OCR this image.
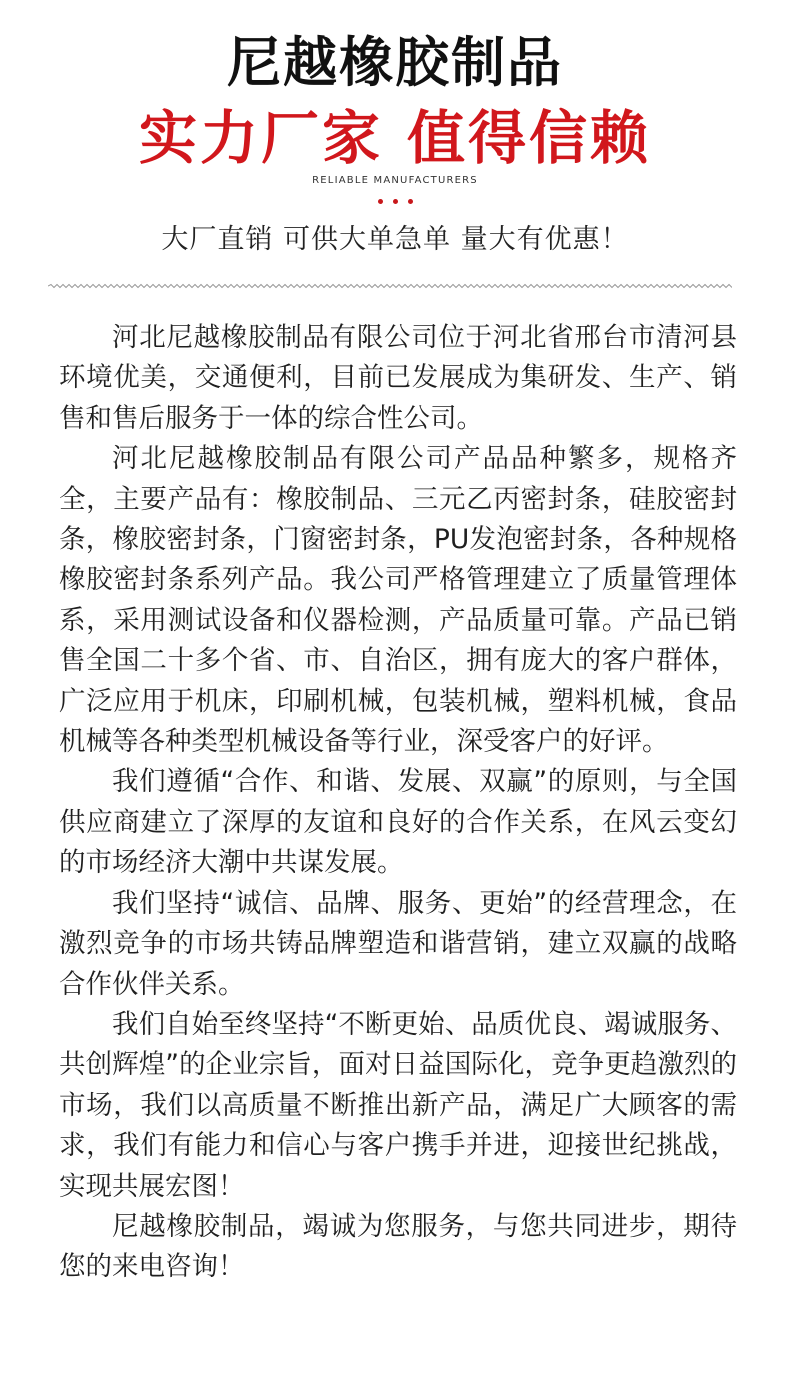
尼越橡胶制品
实力厂家 值得信赖
RELIABLE MANUFACTURERS
大厂直销 可供大单急单 量大有优惠！

河北尼越橡胶制品有限公司位于河北省邢台市清河县环境优美，交通便利，目前已发展成为集研发、生产、销售和售后服务于一体的综合性公司。

河北尼越橡胶制品有限公司产品品种繁多，规格齐全，主要产品有：橡胶制品、三元乙丙密封条，硅胶密封条，橡胶密封条，门窗密封条，PU发泡密封条，各种规格橡胶密封条系列产品。我公司严格管理建立了质量管理体系，采用测试设备和仪器检测，产品质量可靠。产品已销售全国二十多个省、市、自治区，拥有庞大的客户群体，广泛应用于机床，印刷机械，包装机械，塑料机械，食品机械等各种类型机械设备等行业，深受客户的好评。

我们遵循“合作、和谐、发展、双赢”的原则，与全国供应商建立了深厚的友谊和良好的合作关系，在风云变幻的市场经济大潮中共谋发展。

我们坚持“诚信、品牌、服务、更始”的经营理念，在激烈竞争的市场共铸品牌塑造和谐营销，建立双赢的战略合作伙伴关系。

我们自始至终坚持“不断更始、品质优良、竭诚服务、共创辉煌”的企业宗旨，面对日益国际化，竞争更趋激烈的市场，我们以高质量不断推出新产品，满足广大顾客的需求，我们有能力和信心与客户携手并进，迎接世纪挑战，实现共展宏图！

尼越橡胶制品，竭诚为您服务，与您共同进步，期待您的来电咨询！
